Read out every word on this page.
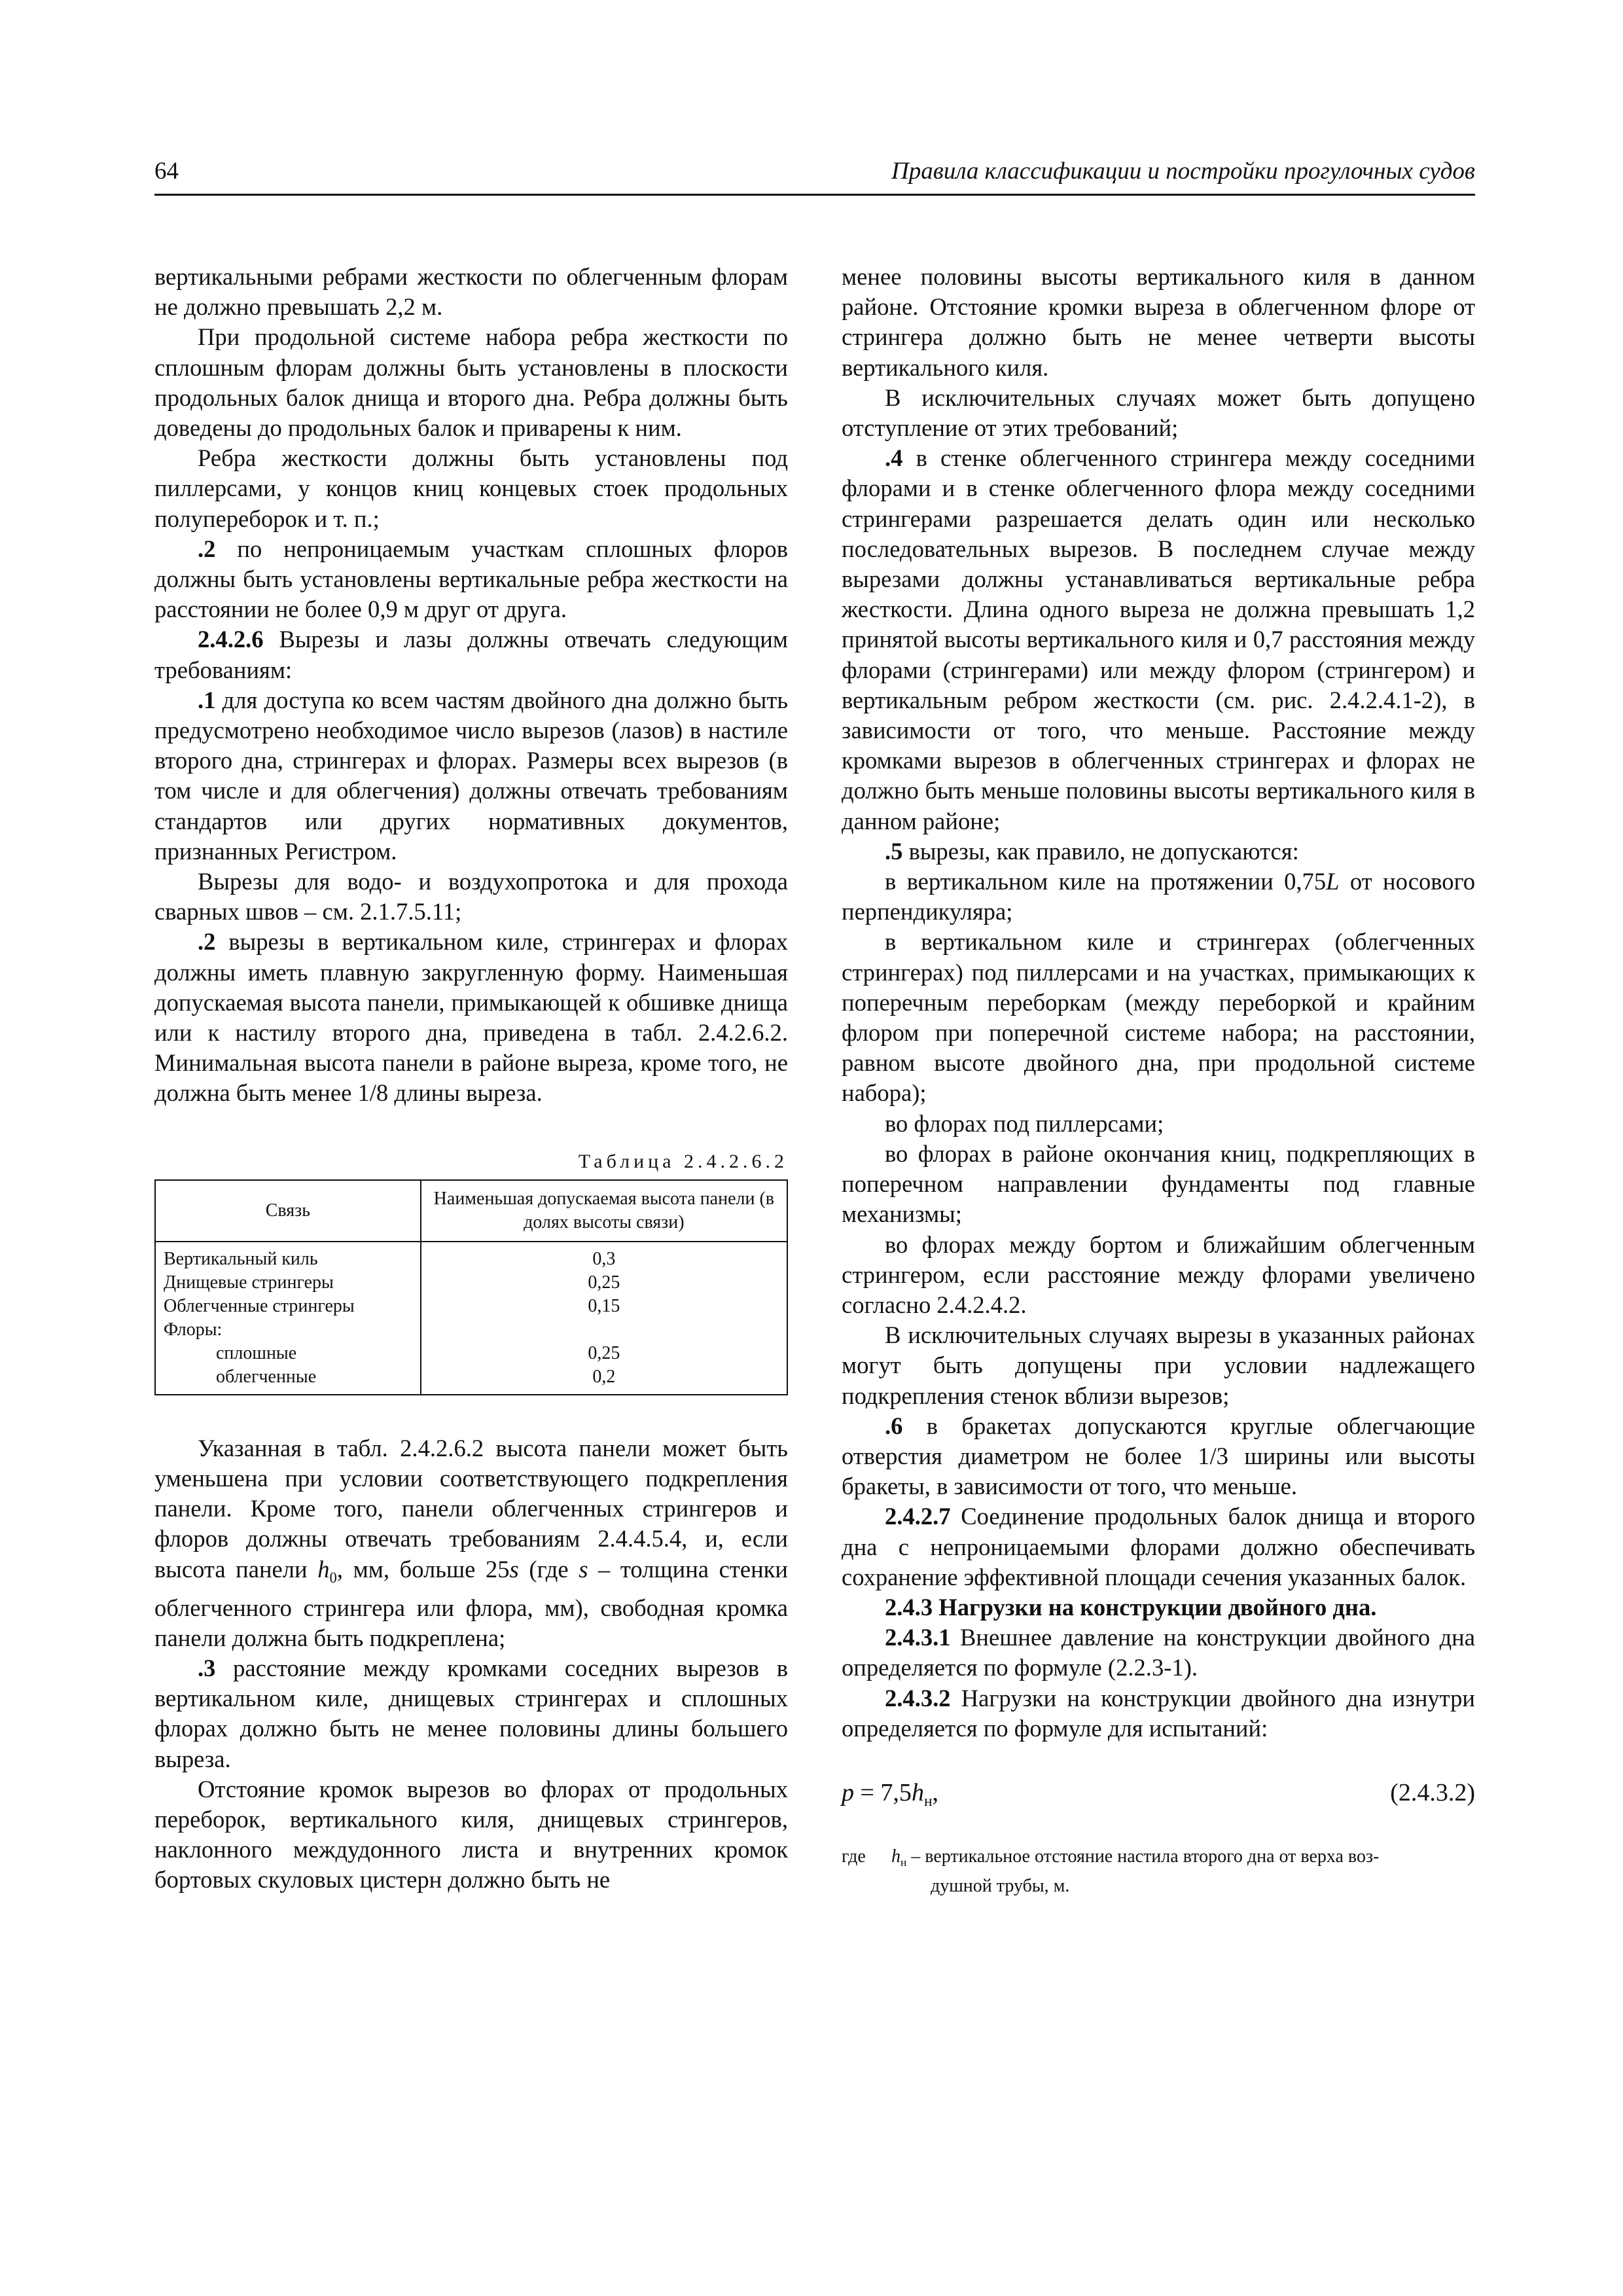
64	Правила классификации и постройки прогулочных судов

вертикальными ребрами жесткости по облегченным флорам не должно превышать 2,2 м.

При продольной системе набора ребра жесткости по сплошным флорам должны быть установлены в плоскости продольных балок днища и второго дна. Ребра должны быть доведены до продольных балок и приварены к ним.

Ребра жесткости должны быть установлены под пиллерсами, у концов книц концевых стоек продольных полупереборок и т. п.;

.2 по непроницаемым участкам сплошных флоров должны быть установлены вертикальные ребра жесткости на расстоянии не более 0,9 м друг от друга.

2.4.2.6 Вырезы и лазы должны отвечать следующим требованиям:

.1 для доступа ко всем частям двойного дна должно быть предусмотрено необходимое число вырезов (лазов) в настиле второго дна, стрингерах и флорах. Размеры всех вырезов (в том числе и для облегчения) должны отвечать требованиям стандартов или других нормативных документов, признанных Регистром.

Вырезы для водо- и воздухопротока и для прохода сварных швов – см. 2.1.7.5.11;

.2 вырезы в вертикальном киле, стрингерах и флорах должны иметь плавную закругленную форму. Наименьшая допускаемая высота панели, примыкающей к обшивке днища или к настилу второго дна, приведена в табл. 2.4.2.6.2. Минимальная высота панели в районе выреза, кроме того, не должна быть менее 1/8 длины выреза.

Таблица 2.4.2.6.2
Связь	Наименьшая допускаемая высота панели (в долях высоты связи)
Вертикальный киль	0,3
Днищевые стрингеры	0,25
Облегченные стрингеры	0,15
Флоры:	
сплошные	0,25
облегченные	0,2

Указанная в табл. 2.4.2.6.2 высота панели может быть уменьшена при условии соответствующего подкрепления панели. Кроме того, панели облегченных стрингеров и флоров должны отвечать требованиям 2.4.4.5.4, и, если высота панели $h_0$, мм, больше 25s (где s – толщина стенки облегченного стрингера или флора, мм), свободная кромка панели должна быть подкреплена;

.3 расстояние между кромками соседних вырезов в вертикальном киле, днищевых стрингерах и сплошных флорах должно быть не менее половины длины большего выреза.

Отстояние кромок вырезов во флорах от продольных переборок, вертикального киля, днищевых стрингеров, наклонного междудонного листа и внутренних кромок бортовых скуловых цистерн должно быть не

менее половины высоты вертикального киля в данном районе. Отстояние кромки выреза в облегченном флоре от стрингера должно быть не менее четверти высоты вертикального киля.

В исключительных случаях может быть допущено отступление от этих требований;

.4 в стенке облегченного стрингера между соседними флорами и в стенке облегченного флора между соседними стрингерами разрешается делать один или несколько последовательных вырезов. В последнем случае между вырезами должны устанавливаться вертикальные ребра жесткости. Длина одного выреза не должна превышать 1,2 принятой высоты вертикального киля и 0,7 расстояния между флорами (стрингерами) или между флором (стрингером) и вертикальным ребром жесткости (см. рис. 2.4.2.4.1-2), в зависимости от того, что меньше. Расстояние между кромками вырезов в облегченных стрингерах и флорах не должно быть меньше половины высоты вертикального киля в данном районе;

.5 вырезы, как правило, не допускаются:

в вертикальном киле на протяжении 0,75L от носового перпендикуляра;

в вертикальном киле и стрингерах (облегченных стрингерах) под пиллерсами и на участках, примыкающих к поперечным переборкам (между переборкой и крайним флором при поперечной системе набора; на расстоянии, равном высоте двойного дна, при продольной системе набора);

во флорах под пиллерсами;

во флорах в районе окончания книц, подкрепляющих в поперечном направлении фундаменты под главные механизмы;

во флорах между бортом и ближайшим облегченным стрингером, если расстояние между флорами увеличено согласно 2.4.2.4.2.

В исключительных случаях вырезы в указанных районах могут быть допущены при условии надлежащего подкрепления стенок вблизи вырезов;

.6 в бракетах допускаются круглые облегчающие отверстия диаметром не более 1/3 ширины или высоты бракеты, в зависимости от того, что меньше.

2.4.2.7 Соединение продольных балок днища и второго дна с непроницаемыми флорами должно обеспечивать сохранение эффективной площади сечения указанных балок.

2.4.3 Нагрузки на конструкции двойного дна.

2.4.3.1 Внешнее давление на конструкции двойного дна определяется по формуле (2.2.3-1).

2.4.3.2 Нагрузки на конструкции двойного дна изнутри определяется по формуле для испытаний:

$p = 7,5h_н$,	(2.4.3.2)
где	$h_н$ – вертикальное отстояние настила второго дна от верха воз-
душной трубы, м.
